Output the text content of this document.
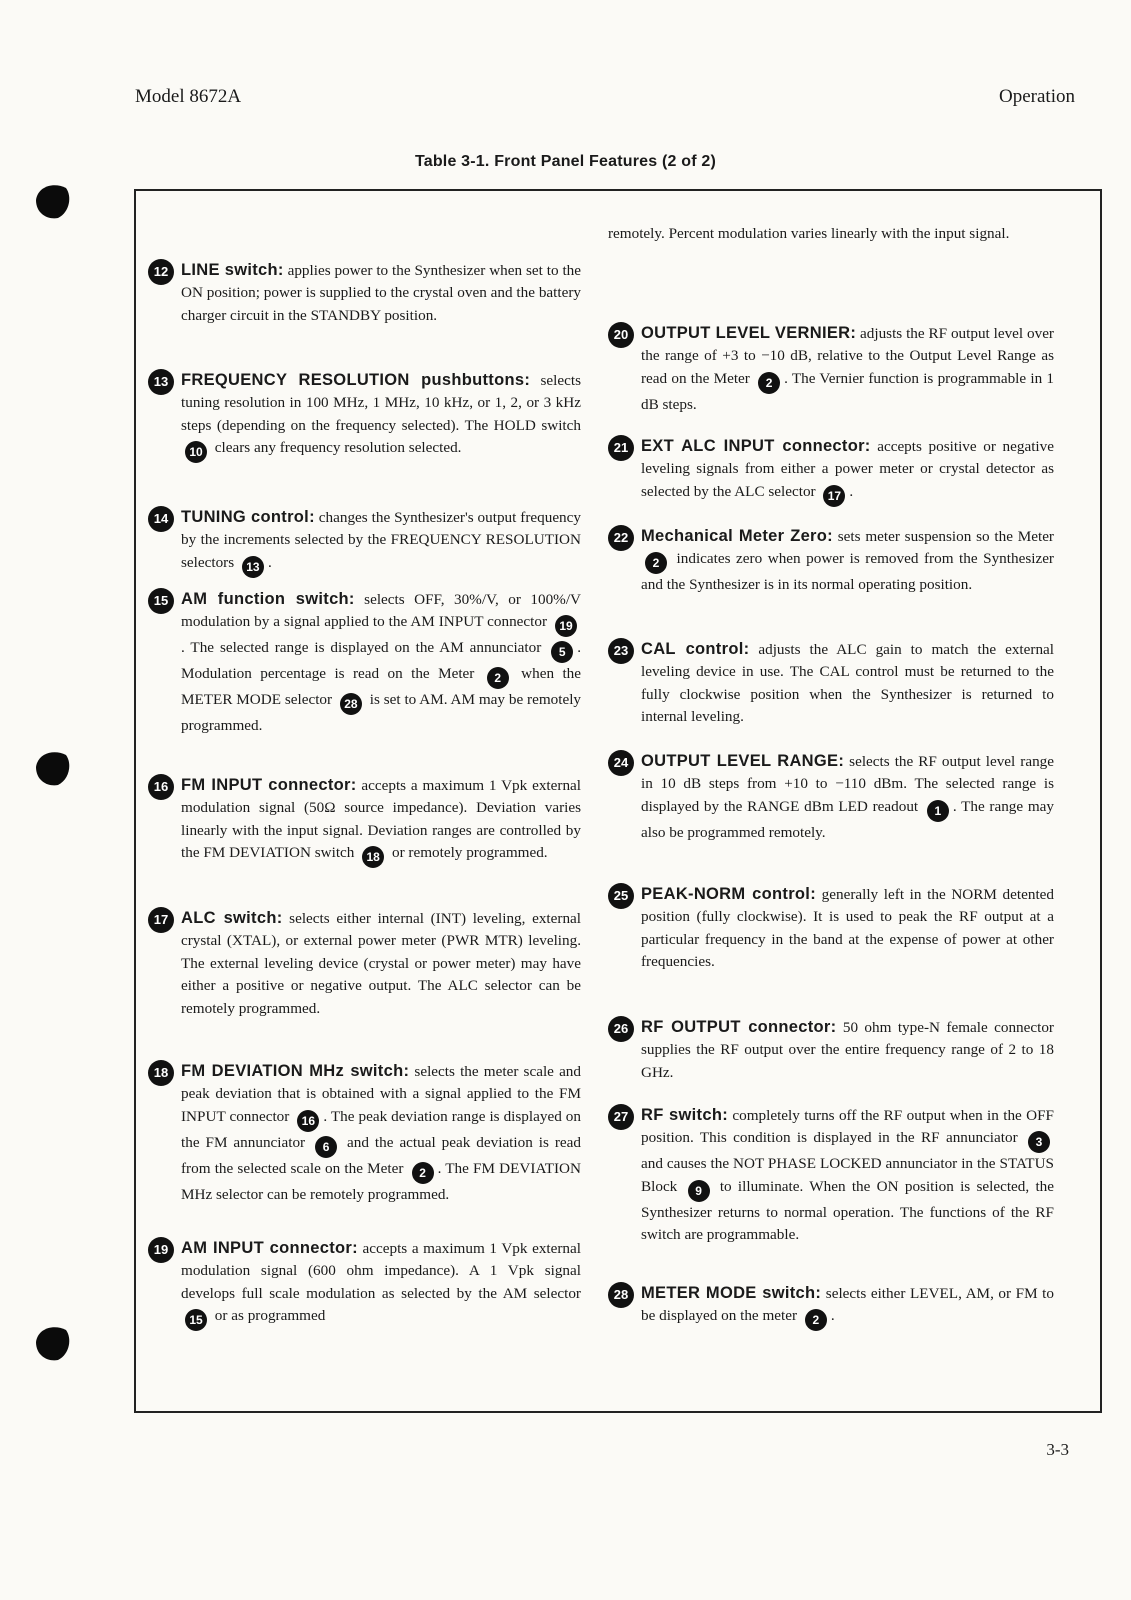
Model 8672A	Operation
Table 3-1. Front Panel Features (2 of 2)
12 LINE switch: applies power to the Synthesizer when set to the ON position; power is supplied to the crystal oven and the battery charger circuit in the STANDBY position.
13 FREQUENCY RESOLUTION pushbuttons: selects tuning resolution in 100 MHz, 1 MHz, 10 kHz, or 1, 2, or 3 kHz steps (depending on the frequency selected). The HOLD switch 10 clears any frequency resolution selected.
14 TUNING control: changes the Synthesizer's output frequency by the increments selected by the FREQUENCY RESOLUTION selectors 13 .
15 AM function switch: selects OFF, 30%/V, or 100%/V modulation by a signal applied to the AM INPUT connector 19. The selected range is displayed on the AM annunciator 5 . Modulation percentage is read on the Meter 2 when the METER MODE selector 28 is set to AM. AM may be remotely programmed.
16 FM INPUT connector: accepts a maximum 1 Vpk external modulation signal (50Ω source impedance). Deviation varies linearly with the input signal. Deviation ranges are controlled by the FM DEVIATION switch 18 or remotely programmed.
17 ALC switch: selects either internal (INT) leveling, external crystal (XTAL), or external power meter (PWR MTR) leveling. The external leveling device (crystal or power meter) may have either a positive or negative output. The ALC selector can be remotely programmed.
18 FM DEVIATION MHz switch: selects the meter scale and peak deviation that is obtained with a signal applied to the FM INPUT connector 16 . The peak deviation range is displayed on the FM annunciator 6 and the actual peak deviation is read from the selected scale on the Meter 2 . The FM DEVIATION MHz selector can be remotely programmed.
19 AM INPUT connector: accepts a maximum 1 Vpk external modulation signal (600 ohm impedance). A 1 Vpk signal develops full scale modulation as selected by the AM selector 15 or as programmed
remotely. Percent modulation varies linearly with the input signal.
20 OUTPUT LEVEL VERNIER: adjusts the RF output level over the range of +3 to −10 dB, relative to the Output Level Range as read on the Meter 2 . The Vernier function is programmable in 1 dB steps.
21 EXT ALC INPUT connector: accepts positive or negative leveling signals from either a power meter or crystal detector as selected by the ALC selector 17 .
22 Mechanical Meter Zero: sets meter suspension so the Meter 2 indicates zero when power is removed from the Synthesizer and the Synthesizer is in its normal operating position.
23 CAL control: adjusts the ALC gain to match the external leveling device in use. The CAL control must be returned to the fully clockwise position when the Synthesizer is returned to internal leveling.
24 OUTPUT LEVEL RANGE: selects the RF output level range in 10 dB steps from +10 to −110 dBm. The selected range is displayed by the RANGE dBm LED readout 1 . The range may also be programmed remotely.
25 PEAK-NORM control: generally left in the NORM detented position (fully clockwise). It is used to peak the RF output at a particular frequency in the band at the expense of power at other frequencies.
26 RF OUTPUT connector: 50 ohm type-N female connector supplies the RF output over the entire frequency range of 2 to 18 GHz.
27 RF switch: completely turns off the RF output when in the OFF position. This condition is displayed in the RF annunciator 3 and causes the NOT PHASE LOCKED annunciator in the STATUS Block 9 to illuminate. When the ON position is selected, the Synthesizer returns to normal operation. The functions of the RF switch are programmable.
28 METER MODE switch: selects either LEVEL, AM, or FM to be displayed on the meter 2 .
3-3
